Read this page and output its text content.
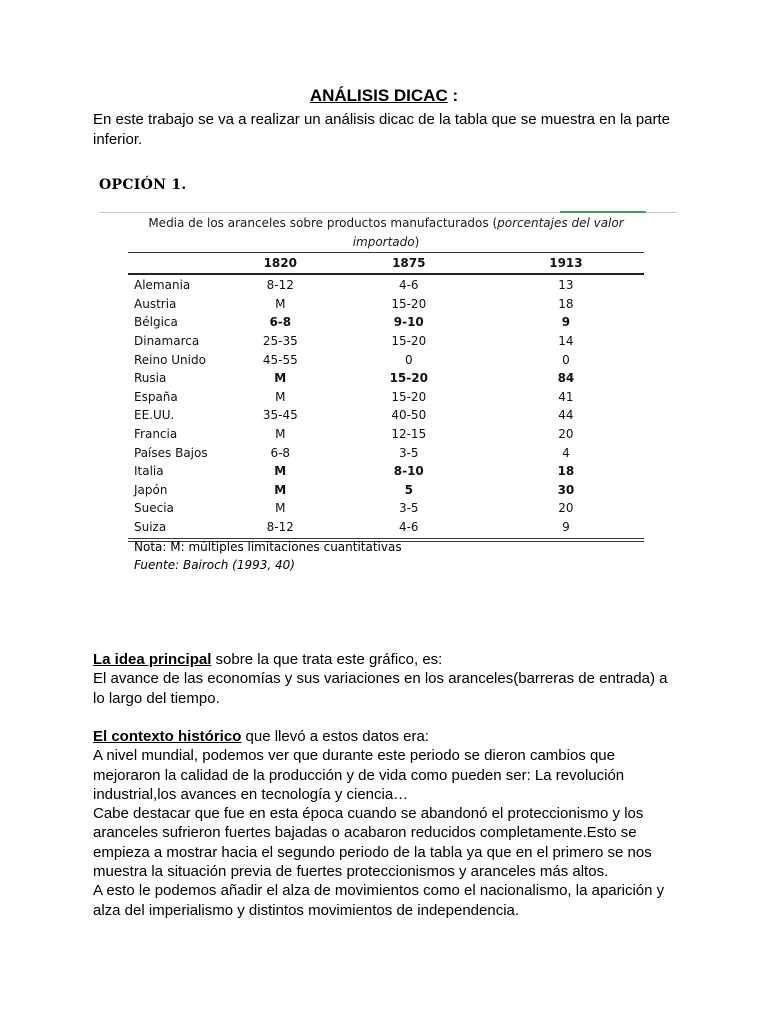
ANÁLISIS DICAC :
En este trabajo se va a realizar un análisis dicac de la tabla que se muestra en la parte inferior.
OPCIÓN 1.
Media de los aranceles sobre productos manufacturados (porcentajes del valor importado)
1820	1875	1913
Alemania	8-12	4-6	13
Austria	M	15-20	18
Bélgica	6-8	9-10	9
Dinamarca	25-35	15-20	14
Reino Unido	45-55	0	0
Rusia	M	15-20	84
España	M	15-20	41
EE.UU.	35-45	40-50	44
Francia	M	12-15	20
Países Bajos	6-8	3-5	4
Italia	M	8-10	18
Japón	M	5	30
Suecia	M	3-5	20
Suiza	8-12	4-6	9
Nota: M: múltiples limitaciones cuantitativas
Fuente: Bairoch (1993, 40)
La idea principal sobre la que trata este gráfico, es:
El avance de las economías y sus variaciones en los aranceles(barreras de entrada) a lo largo del tiempo.
El contexto histórico que llevó a estos datos era:
A nivel mundial, podemos ver que durante este periodo se dieron cambios que mejoraron la calidad de la producción y de vida como pueden ser: La revolución industrial,los avances en tecnología y ciencia…
Cabe destacar que fue en esta época cuando se abandonó el proteccionismo y los aranceles sufrieron fuertes bajadas o acabaron reducidos completamente.Esto se empieza a mostrar hacia el segundo periodo de la tabla ya que en el primero se nos muestra la situación previa de fuertes proteccionismos y aranceles más altos.
A esto le podemos añadir el alza de movimientos como el nacionalismo, la aparición y alza del imperialismo y distintos movimientos de independencia.
